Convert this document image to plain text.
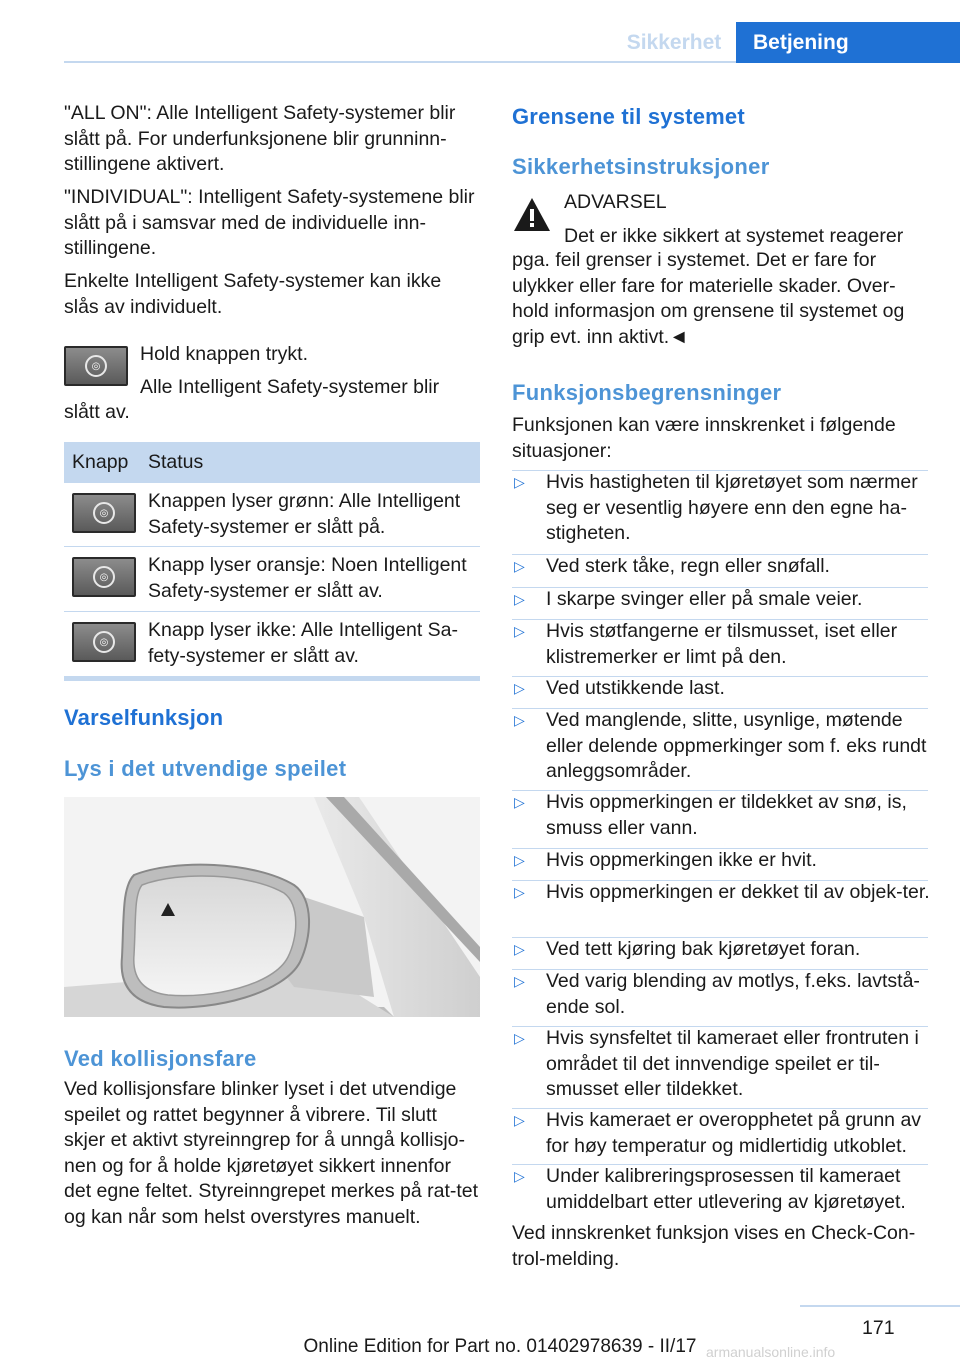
Sikkerhet	Betjening

"ALL ON": Alle Intelligent Safety-systemer blir slått på. For underfunksjonene blir grunninn-stillingene aktivert.

"INDIVIDUAL": Intelligent Safety-systemene blir slått på i samsvar med de individuelle inn-stillingene.

Enkelte Intelligent Safety-systemer kan ikke slås av individuelt.

◎

Hold knappen trykt.

Alle Intelligent Safety-systemer blir

slått av.

Knapp	Status
◎
Knappen lyser grønn: Alle Intelligent Safety-systemer er slått på.
◎
Knapp lyser oransje: Noen Intelligent Safety-systemer er slått av.
◎
Knapp lyser ikke: Alle Intelligent Sa-fety-systemer er slått av.
Varselfunksjon
Lys i det utvendige speilet
Ved kollisjonsfare

Ved kollisjonsfare blinker lyset i det utvendige speilet og rattet begynner å vibrere. Til slutt skjer et aktivt styreinngrep for å unngå kollisjo-nen og for å holde kjøretøyet sikkert innenfor det egne feltet. Styreinngrepet merkes på rat-tet og kan når som helst overstyres manuelt.

Grensene til systemet
Sikkerhetsinstruksjoner

ADVARSEL

Det er ikke sikkert at systemet reagerer

pga. feil grenser i systemet. Det er fare for ulykker eller fare for materielle skader. Over-hold informasjon om grensene til systemet og grip evt. inn aktivt.◄

Funksjonsbegrensninger

Funksjonen kan være innskrenket i følgende situasjoner:

▷ Hvis hastigheten til kjøretøyet som nærmer seg er vesentlig høyere enn den egne ha-stigheten.
▷ Ved sterk tåke, regn eller snøfall.
▷ I skarpe svinger eller på smale veier.
▷ Hvis støtfangerne er tilsmusset, iset eller klistremerker er limt på den.
▷ Ved utstikkende last.
▷ Ved manglende, slitte, usynlige, møtende eller delende oppmerkinger som f. eks rundt anleggsområder.
▷ Hvis oppmerkingen er tildekket av snø, is, smuss eller vann.
▷ Hvis oppmerkingen ikke er hvit.
▷ Hvis oppmerkingen er dekket til av objek-ter.
▷ Ved tett kjøring bak kjøretøyet foran.
▷ Ved varig blending av motlys, f.eks. lavtstå-ende sol.
▷ Hvis synsfeltet til kameraet eller frontruten i området til det innvendige speilet er til-smusset eller tildekket.
▷ Hvis kameraet er overopphetet på grunn av for høy temperatur og midlertidig utkoblet.
▷ Under kalibreringsprosessen til kameraet umiddelbart etter utlevering av kjøretøyet.

Ved innskrenket funksjon vises en Check-Con-trol-melding.

171
Online Edition for Part no. 01402978639 - II/17 armanualsonline.info
